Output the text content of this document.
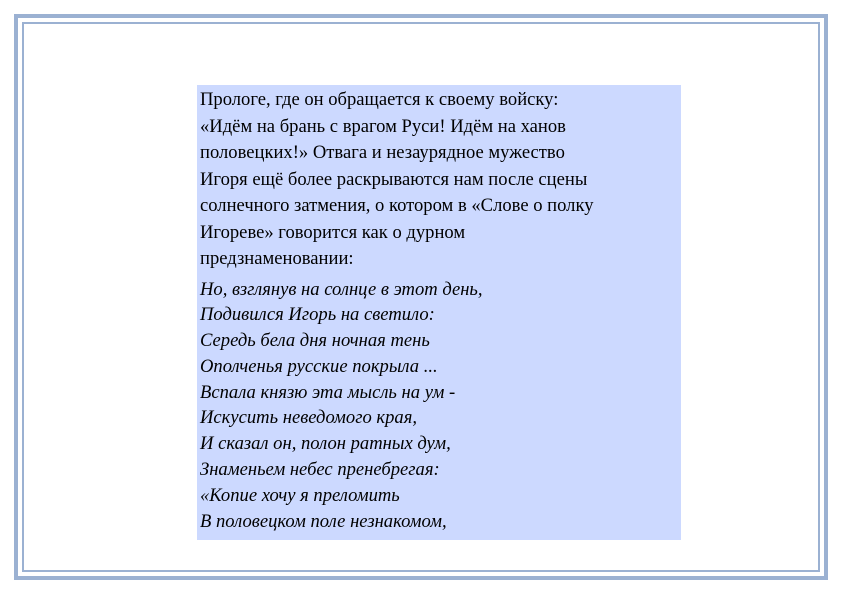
Прологе, где он обращается к своему войску:
«Идём на брань с врагом Руси! Идём на ханов
половецких!» Отвага и незаурядное мужество
Игоря ещё более раскрываются нам после сцены
солнечного затмения, о котором в «Слове о полку
Игореве» говорится как о дурном
предзнаменовании:
Но, взглянув на солнце в этот день,
Подивился Игорь на светило:
Середь бела дня ночная тень
Ополченья русские покрыла ...
Вспала князю эта мысль на ум -
Искусить неведомого края,
И сказал он, полон ратных дум,
Знаменьем небес пренебрегая:
«Копие хочу я преломить
В половецком поле незнакомом,
